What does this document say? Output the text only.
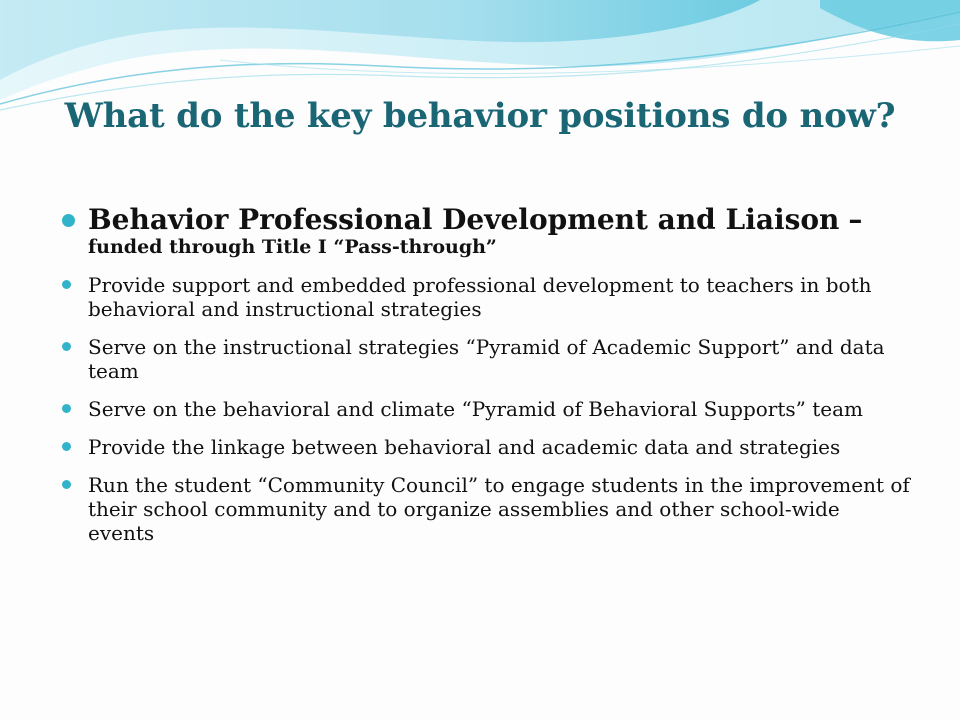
What do the key behavior positions do now?
Behavior Professional Development and Liaison –
funded through Title I “Pass-through”
Provide support and embedded professional development to teachers in both behavioral and instructional strategies
Serve on the instructional strategies “Pyramid of Academic Support” and data team
Serve on the behavioral and climate “Pyramid of Behavioral Supports” team
Provide the linkage between behavioral and academic data and strategies
Run the student “Community Council” to engage students in the improvement of their school community and to organize assemblies and other school-wide events
